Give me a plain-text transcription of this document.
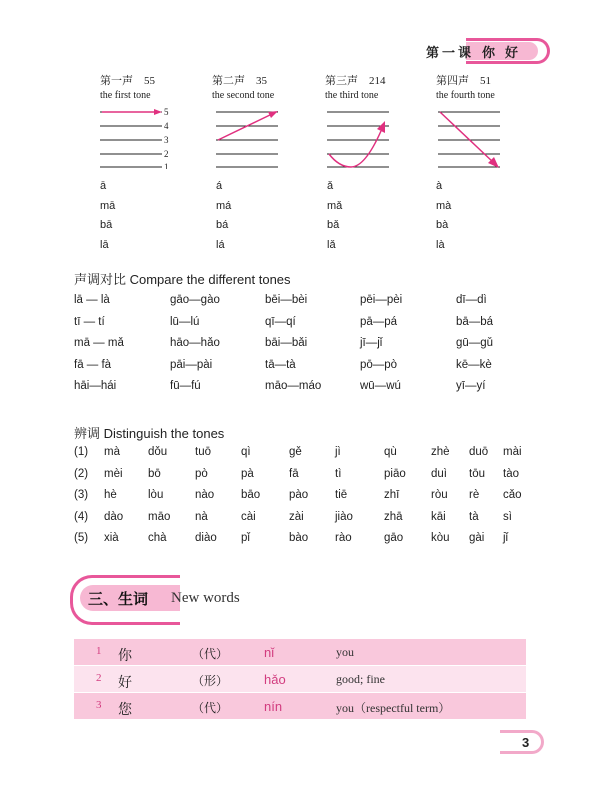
第一课 你好
第一声　55
the first tone
5
4
3
2
1
第二声　35
the second tone
第三声　214
the third tone
第四声　51
the fourth tone
ā
mā
bā
lā
á
má
bá
lá
ǎ
mǎ
bǎ
lǎ
à
mà
bà
là
声调对比 Compare the different tones
lā — là	gāo—gào	bēi—bèi	pēi—pèi	dī—dì
tī — tí	lū—lú	qī—qí	pā—pá	bā—bá
mā — mǎ	hāo—hǎo	bāi—bǎi	jī—jǐ	gū—gǔ
fā — fà	pāi—pài	tā—tà	pō—pò	kē—kè
hāi—hái	fū—fú	māo—máo	wū—wú	yī—yí
辨调 Distinguish the tones
(1) mà dǒu tuō	qì	gě	jì	qù	zhè duō mài
(2) mèi bō	pò	pà	fā	tì	piāo duì tōu tào
(3) hè	lòu	nào bāo	pào tiē	zhī	ròu rè cǎo
(4) dào māo nà	cài	zài	jiào	zhā kāi tà sì
(5) xià	chà diào pǐ	bào rào	gāo kòu gài jǐ
三、生词 New words
1 你	（代）	nǐ	you
2 好	（形）	hǎo	good; fine
3 您	（代）	nín	you（respectful term）
3
